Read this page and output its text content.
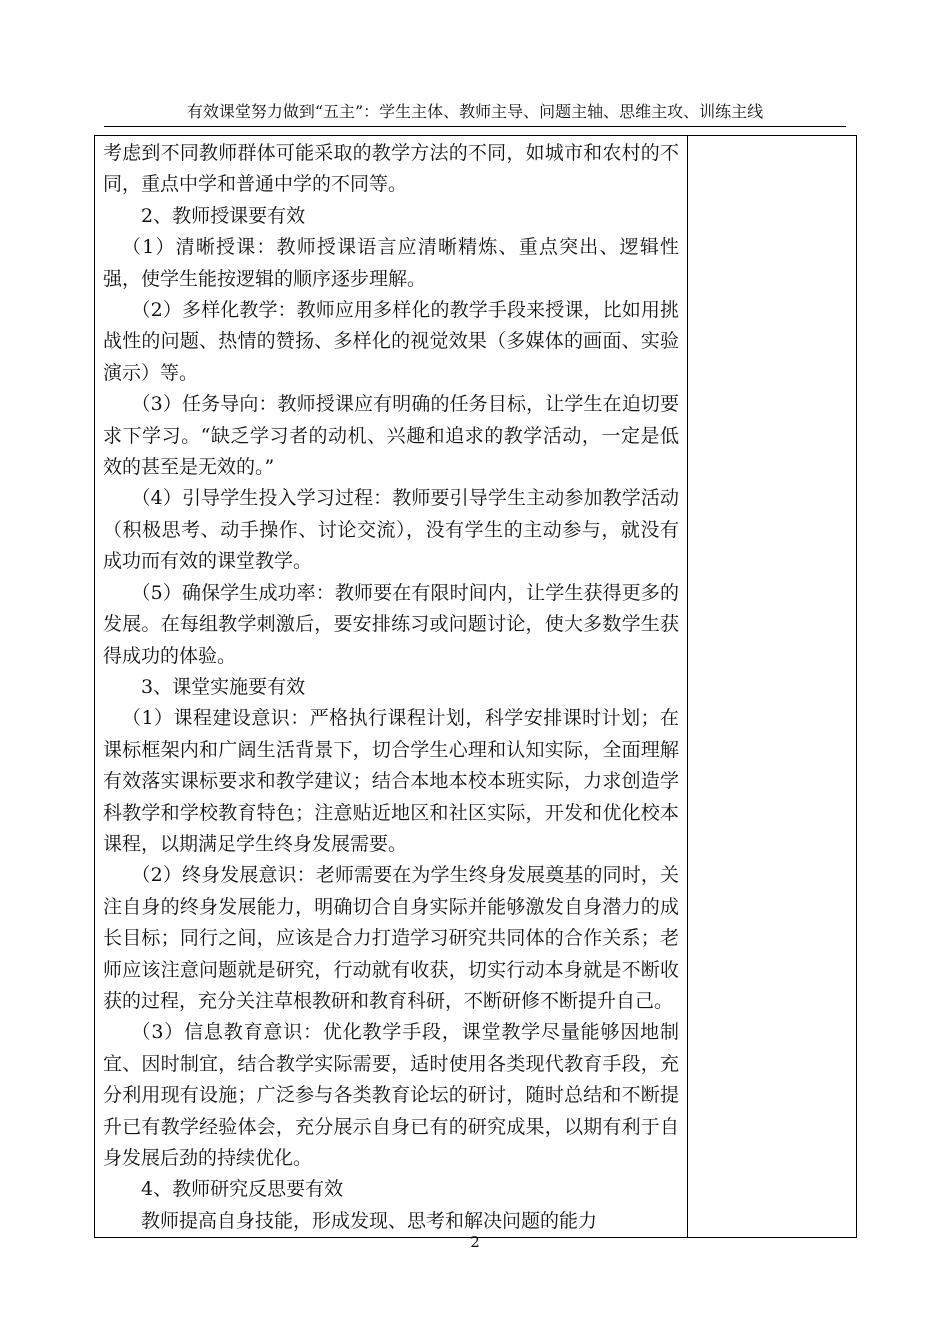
有效课堂努力做到“五主”：学生主体、教师主导、问题主轴、思维主攻、训练主线

考虑到不同教师群体可能采取的教学方法的不同，如城市和农村的不同，重点中学和普通中学的不同等。

2、教师授课要有效

（1）清晰授课：教师授课语言应清晰精炼、重点突出、逻辑性强，使学生能按逻辑的顺序逐步理解。

（2）多样化教学：教师应用多样化的教学手段来授课，比如用挑战性的问题、热情的赞扬、多样化的视觉效果（多媒体的画面、实验演示）等。

（3）任务导向：教师授课应有明确的任务目标，让学生在迫切要求下学习。“缺乏学习者的动机、兴趣和追求的教学活动，一定是低效的甚至是无效的。”

（4）引导学生投入学习过程：教师要引导学生主动参加教学活动（积极思考、动手操作、讨论交流），没有学生的主动参与，就没有成功而有效的课堂教学。

（5）确保学生成功率：教师要在有限时间内，让学生获得更多的发展。在每组教学刺激后，要安排练习或问题讨论，使大多数学生获得成功的体验。

3、课堂实施要有效

（1）课程建设意识：严格执行课程计划，科学安排课时计划；在课标框架内和广阔生活背景下，切合学生心理和认知实际，全面理解有效落实课标要求和教学建议；结合本地本校本班实际，力求创造学科教学和学校教育特色；注意贴近地区和社区实际，开发和优化校本课程，以期满足学生终身发展需要。

（2）终身发展意识：老师需要在为学生终身发展奠基的同时，关注自身的终身发展能力，明确切合自身实际并能够激发自身潜力的成长目标；同行之间，应该是合力打造学习研究共同体的合作关系；老师应该注意问题就是研究，行动就有收获，切实行动本身就是不断收获的过程，充分关注草根教研和教育科研，不断研修不断提升自己。

（3）信息教育意识：优化教学手段，课堂教学尽量能够因地制宜、因时制宜，结合教学实际需要，适时使用各类现代教育手段，充分利用现有设施；广泛参与各类教育论坛的研讨，随时总结和不断提升已有教学经验体会，充分展示自身已有的研究成果，以期有利于自身发展后劲的持续优化。

4、教师研究反思要有效

教师提高自身技能，形成发现、思考和解决问题的能力

2
